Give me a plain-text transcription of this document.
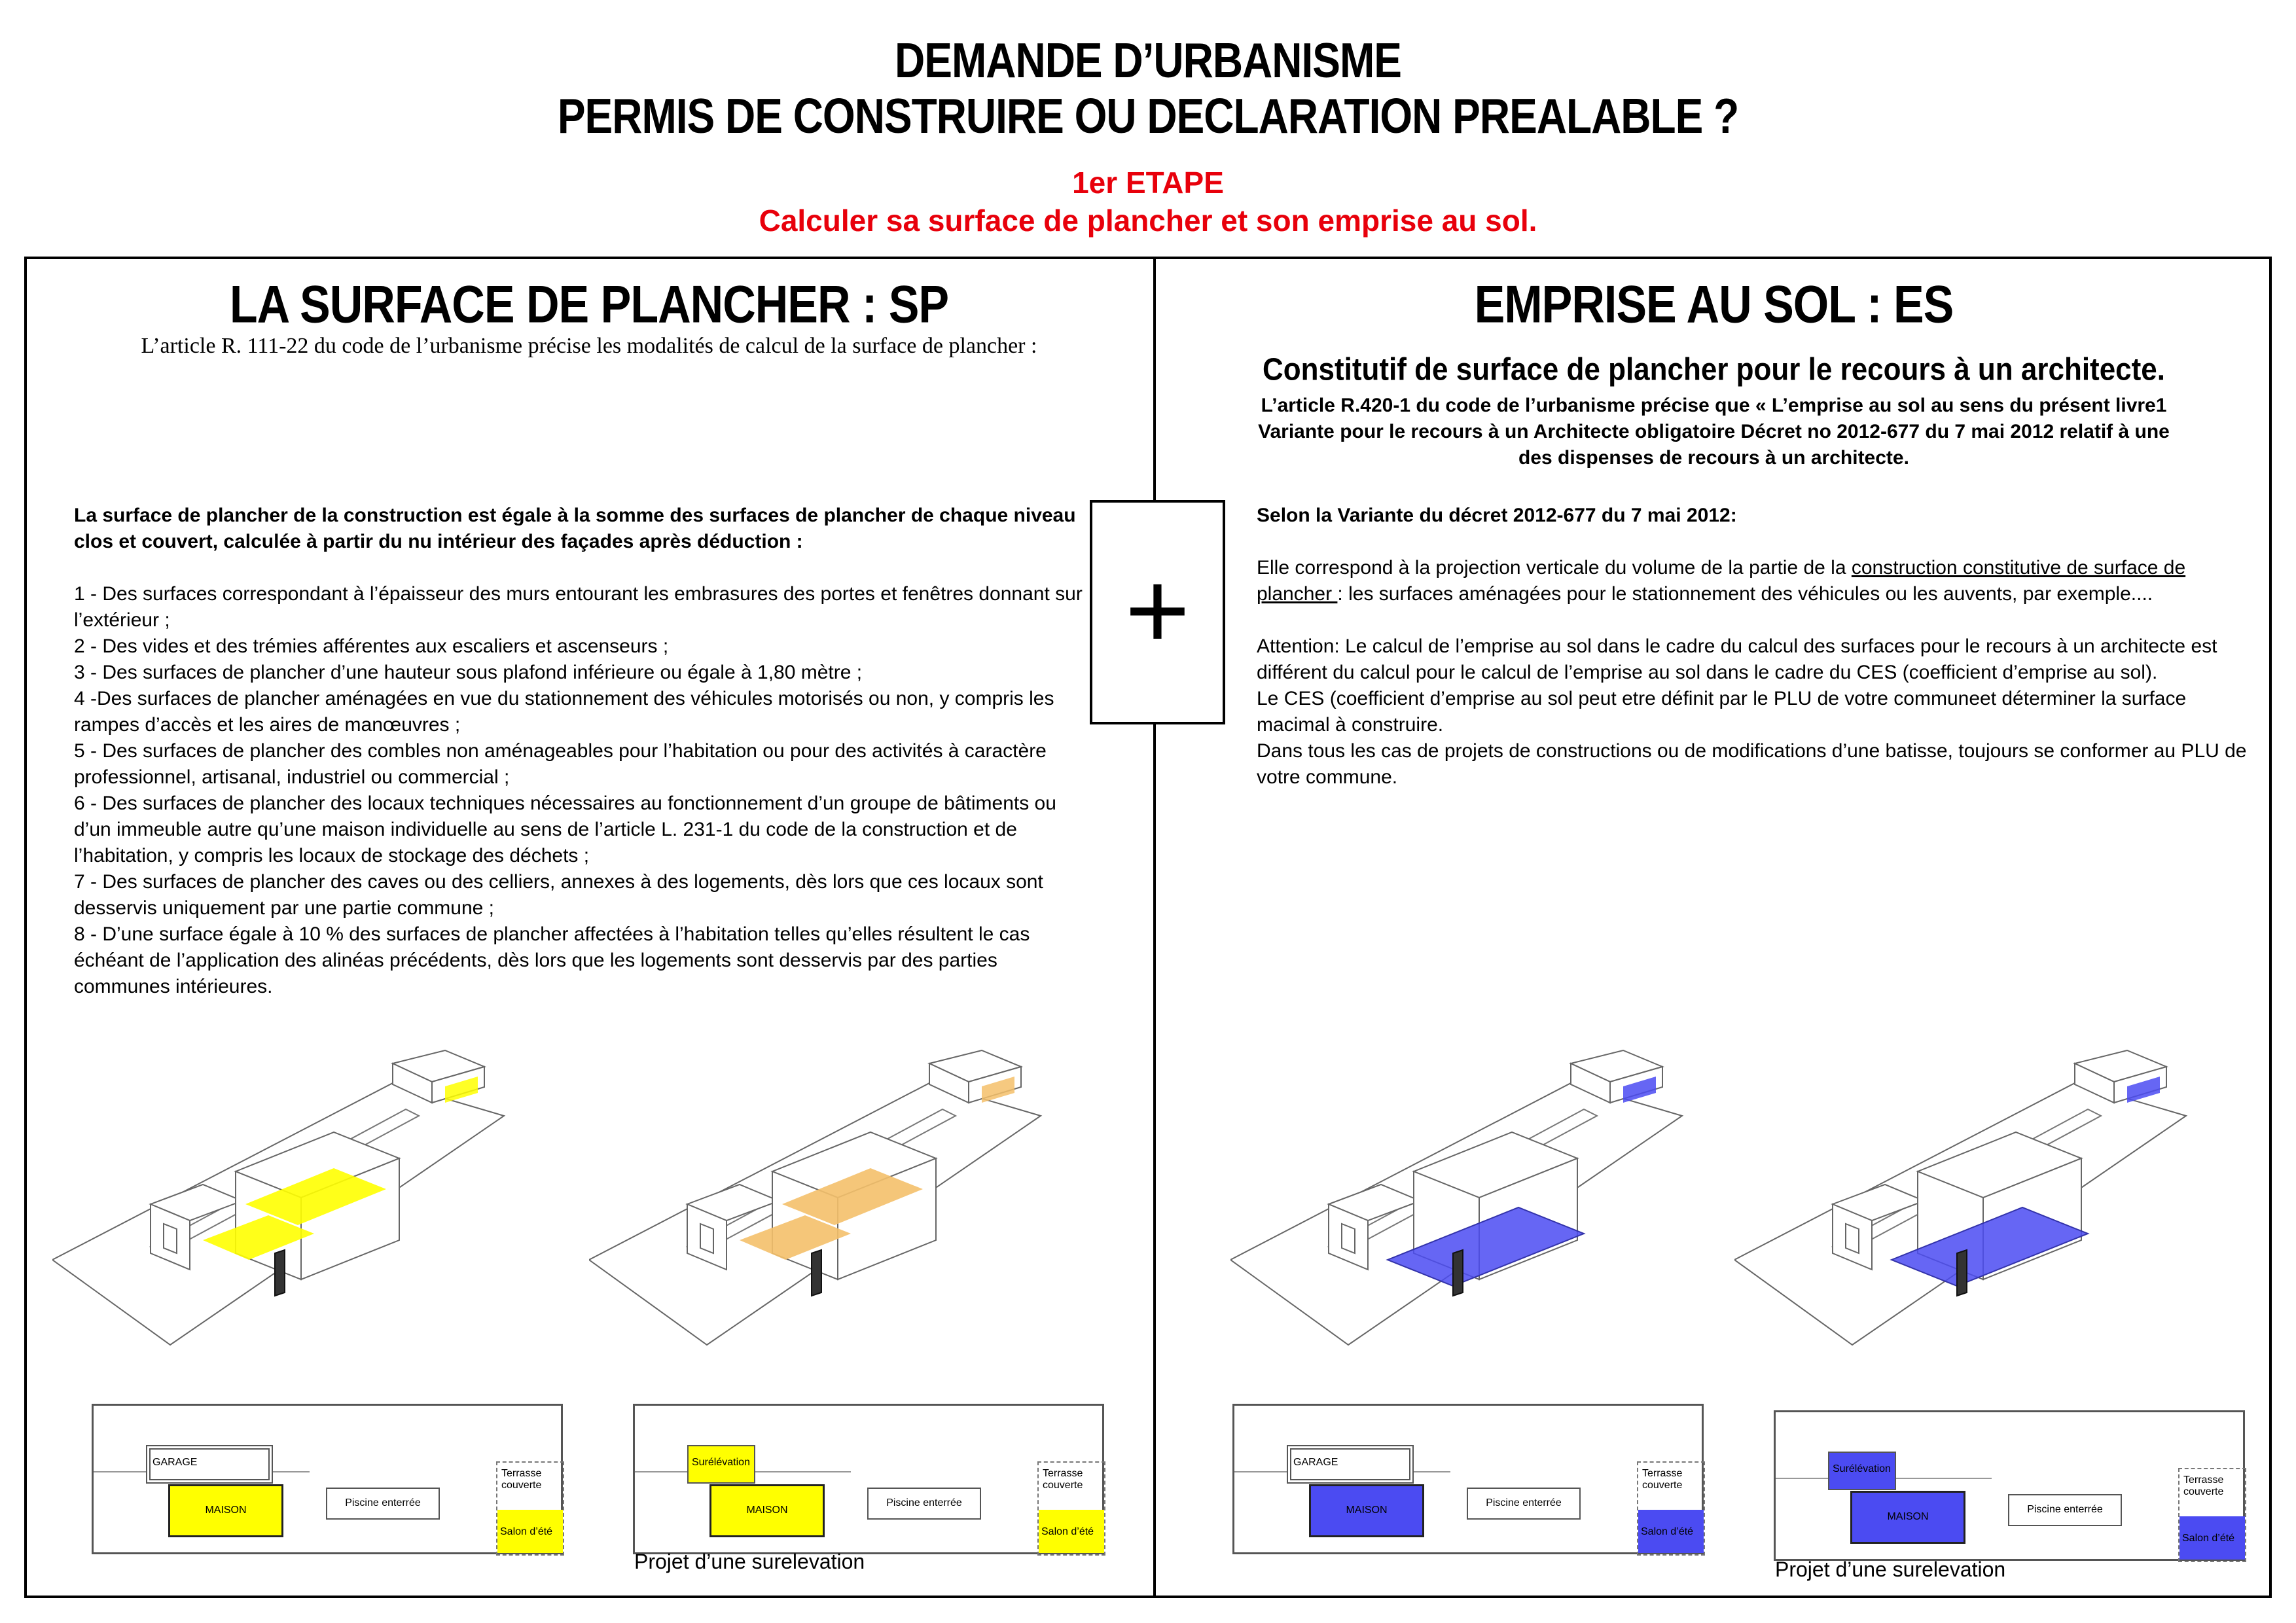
DEMANDE D’URBANISME
PERMIS DE CONSTRUIRE OU DECLARATION PREALABLE ?
1er ETAPE
Calculer sa surface de plancher et son emprise au sol.
LA SURFACE DE PLANCHER : SP
L’article R. 111-22 du code de l’urbanisme précise les modalités de calcul de la surface de plancher :
La surface de plancher de la construction est égale à la somme des surfaces de plancher de chaque niveau clos et couvert, calculée à partir du nu intérieur des façades après déduction :
1 - Des surfaces correspondant à l’épaisseur des murs entourant les embrasures des portes et fenêtres donnant sur l’extérieur ;
2 - Des vides et des trémies afférentes aux escaliers et ascenseurs ;
3 - Des surfaces de plancher d’une hauteur sous plafond inférieure ou égale à 1,80 mètre ;
4 -Des surfaces de plancher aménagées en vue du stationnement des véhicules motorisés ou non, y compris les rampes d’accès et les aires de manœuvres ;
5 - Des surfaces de plancher des combles non aménageables pour l’habitation ou pour des activités à caractère professionnel, artisanal, industriel ou commercial ;
6 - Des surfaces de plancher des locaux techniques nécessaires au fonctionnement d’un groupe de bâtiments ou d’un immeuble autre qu’une maison individuelle au sens de l’article L. 231-1 du code de la construction et de l’habitation, y compris les locaux de stockage des déchets ;
7 - Des surfaces de plancher des caves ou des celliers, annexes à des logements, dès lors que ces locaux sont desservis uniquement par une partie commune ;
8 - D’une surface égale à 10 % des surfaces de plancher affectées à l’habitation telles qu’elles résultent le cas échéant de l’application des alinéas précédents, dès lors que les logements sont desservis par des parties communes intérieures.
EMPRISE AU SOL : ES
Constitutif de surface de plancher pour le recours à un architecte.
L’article R.420-1 du code de l’urbanisme précise que « L’emprise au sol au sens du présent livre1
Variante pour le recours à un Architecte obligatoire Décret no 2012-677 du 7 mai 2012 relatif à une
des dispenses de recours à un architecte.
Selon la Variante du décret 2012-677 du 7 mai 2012:
Elle correspond à la projection verticale du volume de la partie de la construction constitutive de surface de plancher : les surfaces aménagées pour le stationnement des véhicules ou les auvents, par exemple....
Attention: Le calcul de l’emprise au sol dans le cadre du calcul des surfaces pour le recours à un architecte est différent du calcul pour le calcul de l’emprise au sol dans le cadre du CES (coefficient d’emprise au sol).
Le CES (coefficient d’emprise au sol peut etre définit par le PLU de votre communeet déterminer la surface macimal à construire.
Dans tous les cas de projets de constructions ou de modifications d’une batisse, toujours se conformer au PLU de votre commune.
+
GARAGE
MAISON
Piscine enterrée
Terrasse couverte
Salon d’été
Surélévation
MAISON
Piscine enterrée
Terrasse couverte
Salon d’été
Projet d’une surelevation
GARAGE
MAISON
Piscine enterrée
Terrasse couverte
Salon d’été
Surélévation
MAISON
Piscine enterrée
Terrasse couverte
Salon d’été
Projet d’une surelevation
